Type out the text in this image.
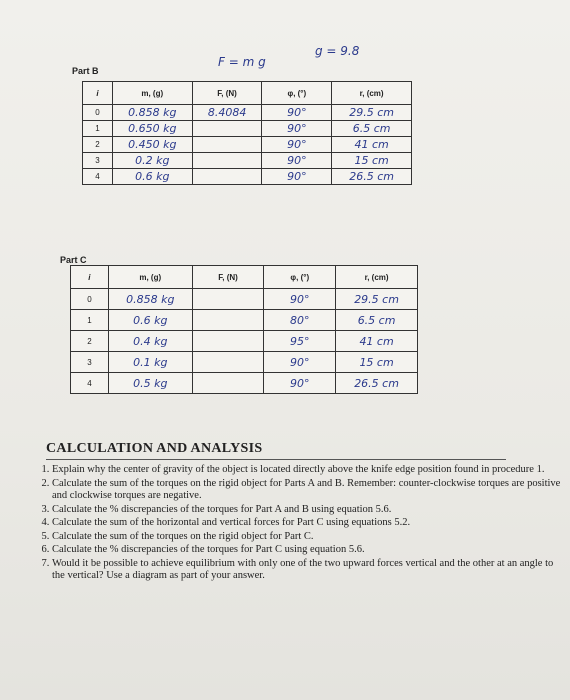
F = m g
g = 9.8
Part B
i	m, (g)	F, (N)	φ, (°)	r, (cm)
0	0.858 kg	8.4084	90°	29.5 cm
1	0.650 kg		90°	6.5 cm
2	0.450 kg		90°	41 cm
3	0.2 kg		90°	15 cm
4	0.6 kg		90°	26.5 cm
Part C
i	m, (g)	F, (N)	φ, (°)	r, (cm)
0	0.858 kg		90°	29.5 cm
1	0.6 kg		80°	6.5 cm
2	0.4 kg		95°	41 cm
3	0.1 kg		90°	15 cm
4	0.5 kg		90°	26.5 cm
CALCULATION AND ANALYSIS
1. Explain why the center of gravity of the object is located directly above the knife edge position found in procedure 1.
2. Calculate the sum of the torques on the rigid object for Parts A and B. Remember: counter-clockwise torques are positive and clockwise torques are negative.
3. Calculate the % discrepancies of the torques for Part A and B using equation 5.6.
4. Calculate the sum of the horizontal and vertical forces for Part C using equations 5.2.
5. Calculate the sum of the torques on the rigid object for Part C.
6. Calculate the % discrepancies of the torques for Part C using equation 5.6.
7. Would it be possible to achieve equilibrium with only one of the two upward forces vertical and the other at an angle to the vertical? Use a diagram as part of your answer.
